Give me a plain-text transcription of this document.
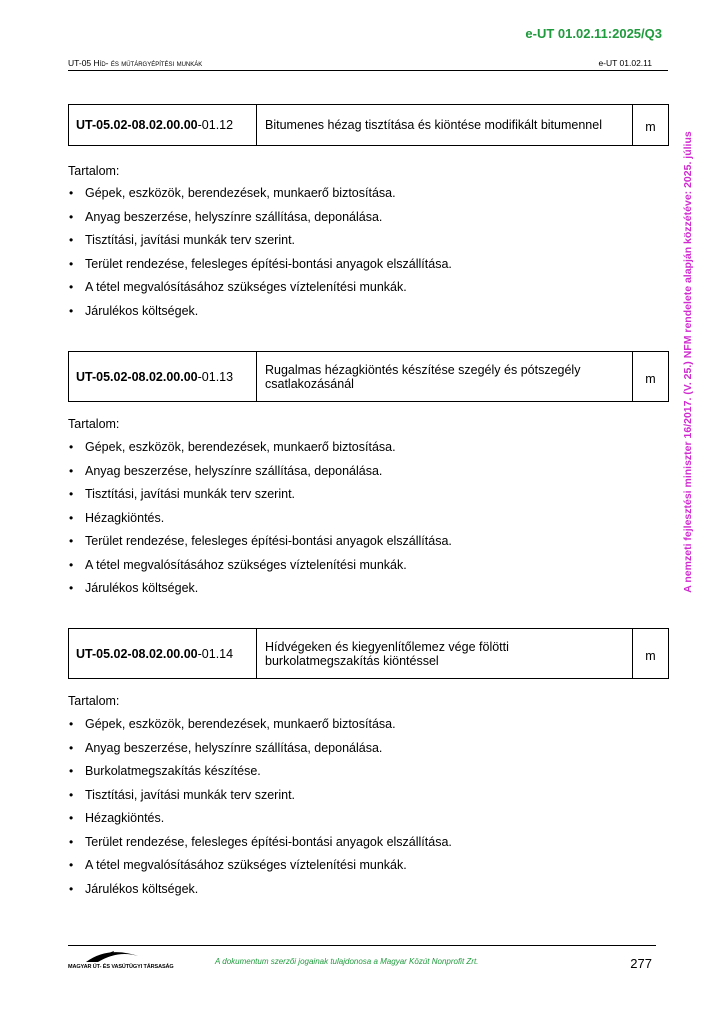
e-UT 01.02.11:2025/Q3
UT-05 Híd- és műtárgyépítési munkák	e-UT 01.02.11
A nemzeti fejlesztési miniszter 16/2017. (V. 25.) NFM rendelete alapján közzétéve: 2025. július
UT-05.02-08.02.00.00-01.12	Bitumenes hézag tisztítása és kiöntése modifikált bitumennel	m
Tartalom:
• Gépek, eszközök, berendezések, munkaerő biztosítása.
• Anyag beszerzése, helyszínre szállítása, deponálása.
• Tisztítási, javítási munkák terv szerint.
• Terület rendezése, felesleges építési-bontási anyagok elszállítása.
• A tétel megvalósításához szükséges víztelenítési munkák.
• Járulékos költségek.
UT-05.02-08.02.00.00-01.13	Rugalmas hézagkiöntés készítése szegély és pótszegély csatlakozásánál	m
Tartalom:
• Gépek, eszközök, berendezések, munkaerő biztosítása.
• Anyag beszerzése, helyszínre szállítása, deponálása.
• Tisztítási, javítási munkák terv szerint.
• Hézagkiöntés.
• Terület rendezése, felesleges építési-bontási anyagok elszállítása.
• A tétel megvalósításához szükséges víztelenítési munkák.
• Járulékos költségek.
UT-05.02-08.02.00.00-01.14	Hídvégeken és kiegyenlítőlemez vége fölötti burkolatmegszakítás kiöntéssel	m
Tartalom:
• Gépek, eszközök, berendezések, munkaerő biztosítása.
• Anyag beszerzése, helyszínre szállítása, deponálása.
• Burkolatmegszakítás készítése.
• Tisztítási, javítási munkák terv szerint.
• Hézagkiöntés.
• Terület rendezése, felesleges építési-bontási anyagok elszállítása.
• A tétel megvalósításához szükséges víztelenítési munkák.
• Járulékos költségek.
MAGYAR ÚT- ÉS VASÚTÜGYI TÁRSASÁG
A dokumentum szerzői jogainak tulajdonosa a Magyar Közút Nonprofit Zrt.	277
